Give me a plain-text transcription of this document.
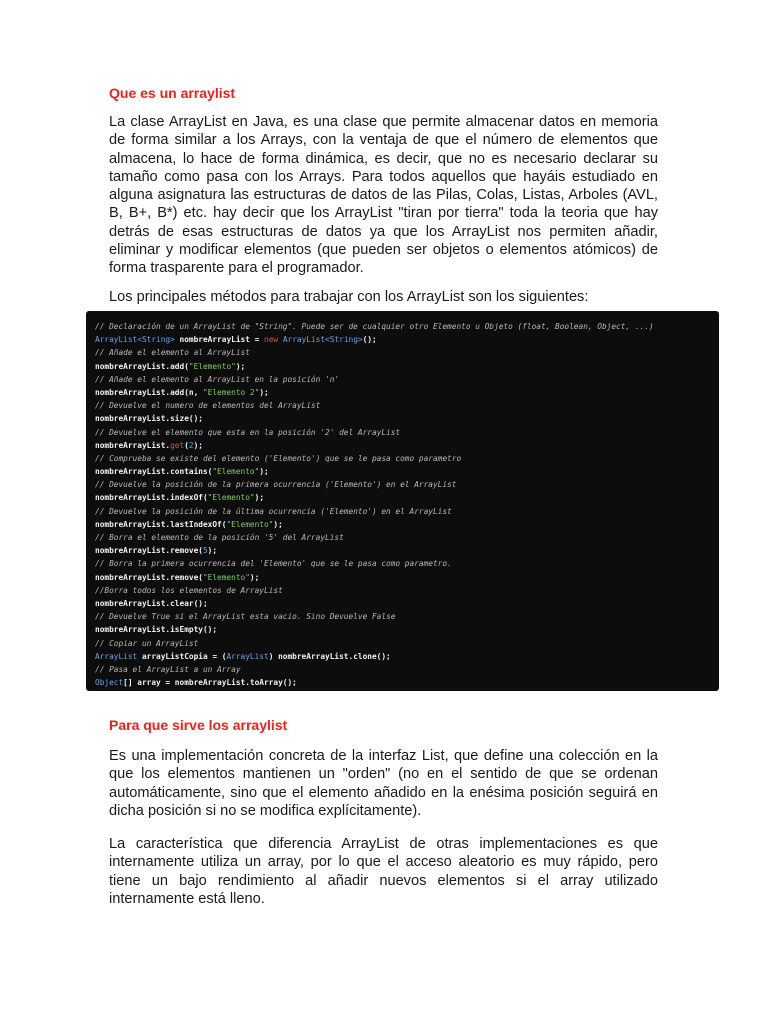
Que es un arraylist

La clase ArrayList en Java, es una clase que permite almacenar datos en memoria de forma similar a los Arrays, con la ventaja de que el número de elementos que almacena, lo hace de forma dinámica, es decir, que no es necesario declarar su tamaño como pasa con los Arrays. Para todos aquellos que hayáis estudiado en alguna asignatura las estructuras de datos de las Pilas, Colas, Listas, Arboles (AVL, B, B+, B*) etc. hay decir que los ArrayList "tiran por tierra" toda la teoria que hay detrás de esas estructuras de datos ya que los ArrayList nos permiten añadir, eliminar y modificar elementos (que pueden ser objetos o elementos atómicos) de forma trasparente para el programador.

Los principales métodos para trabajar con los ArrayList son los siguientes:

Para que sirve los arraylist

Es una implementación concreta de la interfaz List, que define una colección en la que los elementos mantienen un "orden" (no en el sentido de que se ordenan automáticamente, sino que el elemento añadido en la enésima posición seguirá en dicha posición si no se modifica explícitamente).

La característica que diferencia ArrayList de otras implementaciones es que internamente utiliza un array, por lo que el acceso aleatorio es muy rápido, pero tiene un bajo rendimiento al añadir nuevos elementos si el array utilizado internamente está lleno.

// Declaración de un ArrayList de "String". Puede ser de cualquier otro Elemento u Objeto (float, Boolean, Object, ...)
ArrayList<String> nombreArrayList = new ArrayList<String>();
// Añade el elemento al ArrayList
nombreArrayList.add("Elemento");
// Añade el elemento al ArrayList en la posición 'n'
nombreArrayList.add(n, "Elemento 2");
// Devuelve el numero de elementos del ArrayList
nombreArrayList.size();
// Devuelve el elemento que esta en la posición '2' del ArrayList
nombreArrayList.get(2);
// Comprueba se existe del elemento ('Elemento') que se le pasa como parametro
nombreArrayList.contains("Elemento");
// Devuelve la posición de la primera ocurrencia ('Elemento') en el ArrayList
nombreArrayList.indexOf("Elemento");
// Devuelve la posición de la última ocurrencia ('Elemento') en el ArrayList
nombreArrayList.lastIndexOf("Elemento");
// Borra el elemento de la posición '5' del ArrayList
nombreArrayList.remove(5);
// Borra la primera ocurrencia del 'Elemento' que se le pasa como parametro.
nombreArrayList.remove("Elemento");
//Borra todos los elementos de ArrayList
nombreArrayList.clear();
// Devuelve True si el ArrayList esta vacio. Sino Devuelve False
nombreArrayList.isEmpty();
// Copiar un ArrayList
ArrayList arrayListCopia = (ArrayList) nombreArrayList.clone();
// Pasa el ArrayList a un Array
Object[] array = nombreArrayList.toArray();
